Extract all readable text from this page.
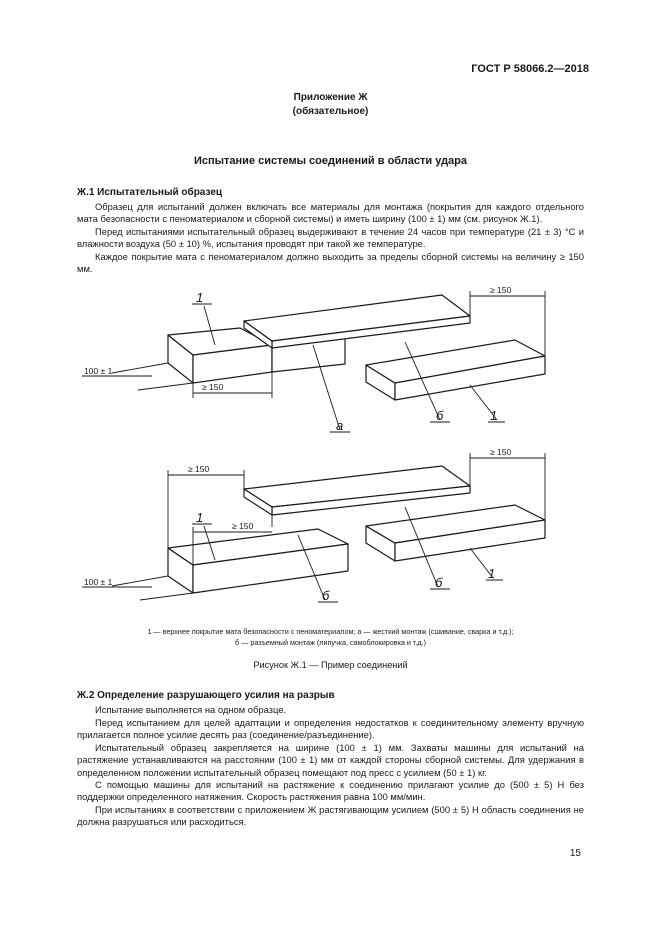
ГОСТ Р 58066.2—2018
Приложение Ж
(обязательное)
Испытание системы соединений в области удара
Ж.1 Испытательный образец

Образец для испытаний должен включать все материалы для монтажа (покрытия для каждого отдельного мата безопасности с пеноматериалом и сборной системы) и иметь ширину (100 ± 1) мм (см. рисунок Ж.1).

Перед испытаниями испытательный образец выдерживают в течение 24 часов при температуре (21 ± 3) °С и влажности воздуха (50 ± 10) %, испытания проводят при такой же температуре.

Каждое покрытие мата с пеноматериалом должно выходить за пределы сборной системы на величину ≥ 150 мм.

≥ 150
≥ 150
100 ± 1
1
а
б	1
≥ 150
≥ 150
≥ 150
100 ± 1
1
б
б
1
1 — верхнее покрытие мата безопасности с пеноматериалом; а — жесткий монтаж (сшивание, сварка и т.д.);
б — разъемный монтаж (липучка, самоблокировка и т.д.)
Рисунок Ж.1 — Пример соединений
Ж.2 Определение разрушающего усилия на разрыв

Испытание выполняется на одном образце.

Перед испытанием для целей адаптации и определения недостатков к соединительному элементу вручную прилагается полное усилие десять раз (соединение/разъединение).

Испытательный образец закрепляется на ширине (100 ± 1) мм. Захваты машины для испытаний на растяжение устанавливаются на расстоянии (100 ± 1) мм от каждой стороны сборной системы. Для удержания в определенном положении испытательный образец помещают под пресс с усилием (50 ± 1) кг.

С помощью машины для испытаний на растяжение к соединению прилагают усилие до (500 ± 5) Н без поддержки определенного натяжения. Скорость растяжения равна 100 мм/мин.

При испытаниях в соответствии с приложением Ж растягивающим усилием (500 ± 5) Н область соединения не должна разрушаться или расходиться.

15
